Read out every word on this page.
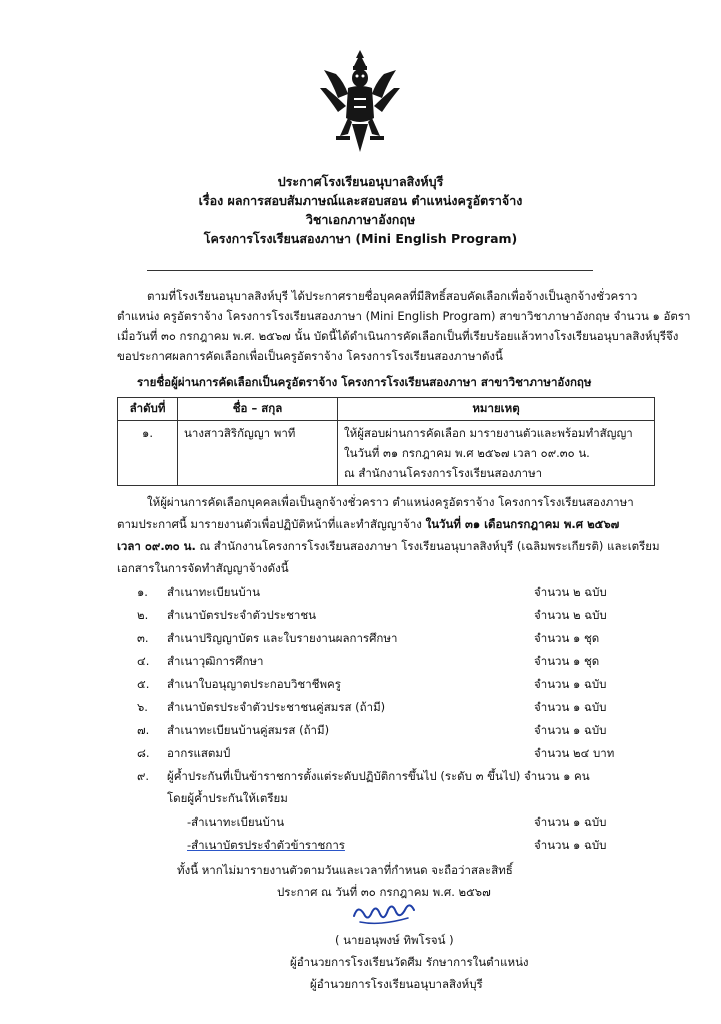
ประกาศโรงเรียนอนุบาลสิงห์บุรี
เรื่อง ผลการสอบสัมภาษณ์และสอบสอน ตำแหน่งครูอัตราจ้าง
วิชาเอกภาษาอังกฤษ
โครงการโรงเรียนสองภาษา (Mini English Program)
ตามที่โรงเรียนอนุบาลสิงห์บุรี ได้ประกาศรายชื่อบุคคลที่มีสิทธิ์สอบคัดเลือกเพื่อจ้างเป็นลูกจ้างชั่วคราว
ตำแหน่ง ครูอัตราจ้าง โครงการโรงเรียนสองภาษา (Mini English Program) สาขาวิชาภาษาอังกฤษ จำนวน ๑ อัตรา
เมื่อวันที่ ๓๐ กรกฎาคม พ.ศ. ๒๕๖๗ นั้น บัดนี้ได้ดำเนินการคัดเลือกเป็นที่เรียบร้อยแล้วทางโรงเรียนอนุบาลสิงห์บุรีจึง
ขอประกาศผลการคัดเลือกเพื่อเป็นครูอัตราจ้าง โครงการโรงเรียนสองภาษาดังนี้
รายชื่อผู้ผ่านการคัดเลือกเป็นครูอัตราจ้าง โครงการโรงเรียนสองภาษา สาขาวิชาภาษาอังกฤษ
ลำดับที่	ชื่อ – สกุล	หมายเหตุ
๑.	นางสาวสิริกัญญา พาที	ให้ผู้สอบผ่านการคัดเลือก มารายงานตัวและพร้อมทำสัญญา
ในวันที่ ๓๑ กรกฎาคม พ.ศ ๒๕๖๗ เวลา ๐๙.๓๐ น.
ณ สำนักงานโครงการโรงเรียนสองภาษา
ให้ผู้ผ่านการคัดเลือกบุคคลเพื่อเป็นลูกจ้างชั่วคราว ตำแหน่งครูอัตราจ้าง โครงการโรงเรียนสองภาษา
ตามประกาศนี้ มารายงานตัวเพื่อปฏิบัติหน้าที่และทำสัญญาจ้าง ในวันที่ ๓๑ เดือนกรกฎาคม พ.ศ ๒๕๖๗
เวลา ๐๙.๓๐ น. ณ สำนักงานโครงการโรงเรียนสองภาษา โรงเรียนอนุบาลสิงห์บุรี (เฉลิมพระเกียรติ) และเตรียม
เอกสารในการจัดทำสัญญาจ้างดังนี้
๑.	สำเนาทะเบียนบ้าน	จำนวน ๒ ฉบับ
๒.	สำเนาบัตรประจำตัวประชาชน	จำนวน ๒ ฉบับ
๓.	สำเนาปริญญาบัตร และใบรายงานผลการศึกษา	จำนวน ๑ ชุด
๔.	สำเนาวุฒิการศึกษา	จำนวน ๑ ชุด
๕.	สำเนาใบอนุญาตประกอบวิชาชีพครู	จำนวน ๑ ฉบับ
๖.	สำเนาบัตรประจำตัวประชาชนคู่สมรส (ถ้ามี)	จำนวน ๑ ฉบับ
๗.	สำเนาทะเบียนบ้านคู่สมรส (ถ้ามี)	จำนวน ๑ ฉบับ
๘.	อากรแสตมป์	จำนวน ๒๔ บาท
๙.	ผู้ค้ำประกันที่เป็นข้าราชการตั้งแต่ระดับปฏิบัติการขึ้นไป (ระดับ ๓ ขึ้นไป) จำนวน ๑ คน
โดยผู้ค้ำประกันให้เตรียม
-สำเนาทะเบียนบ้าน	จำนวน ๑ ฉบับ
-สำเนาบัตรประจำตัวข้าราชการ	จำนวน ๑ ฉบับ
ทั้งนี้ หากไม่มารายงานตัวตามวันและเวลาที่กำหนด จะถือว่าสละสิทธิ์
ประกาศ ณ วันที่ ๓๐ กรกฎาคม พ.ศ. ๒๕๖๗
( นายอนุพงษ์ ทิพโรจน์ )
ผู้อำนวยการโรงเรียนวัดศีม รักษาการในตำแหน่ง
ผู้อำนวยการโรงเรียนอนุบาลสิงห์บุรี
